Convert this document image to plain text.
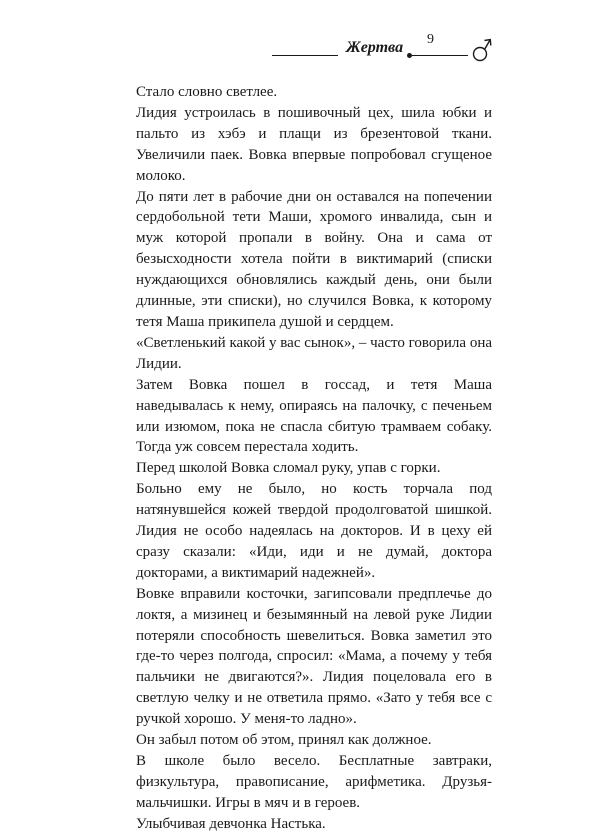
Жертва 9

Стало словно светлее.

Лидия устроилась в пошивочный цех, шила юбки и пальто из хэбэ и плащи из брезентовой ткани. Увеличили паек. Вовка впервые попробовал сгущеное молоко.

До пяти лет в рабочие дни он оставался на попечении сердобольной тети Маши, хромого инвалида, сын и муж которой пропали в войну. Она и сама от безысходности хотела пойти в виктимарий (списки нуждающихся обновлялись каждый день, они были длинные, эти списки), но случился Вовка, к которому тетя Маша прикипела душой и сердцем.

«Светленький какой у вас сынок», – часто говорила она Лидии.

Затем Вовка пошел в госсад, и тетя Маша наведывалась к нему, опираясь на палочку, с печеньем или изюмом, пока не спасла сбитую трамваем собаку. Тогда уж совсем перестала ходить.

Перед школой Вовка сломал руку, упав с горки.

Больно ему не было, но кость торчала под натянувшейся кожей твердой продолговатой шишкой. Лидия не особо надеялась на докторов. И в цеху ей сразу сказали: «Иди, иди и не думай, доктора докторами, а виктимарий надежней».

Вовке вправили косточки, загипсовали предплечье до локтя, а мизинец и безымянный на левой руке Лидии потеряли способность шевелиться. Вовка заметил это где-то через полгода, спросил: «Мама, а почему у тебя пальчики не двигаются?». Лидия поцеловала его в светлую челку и не ответила прямо. «Зато у тебя все с ручкой хорошо. У меня-то ладно».

Он забыл потом об этом, принял как должное.

В школе было весело. Бесплатные завтраки, физкультура, правописание, арифметика. Друзья-мальчишки. Игры в мяч и в героев.

Улыбчивая девчонка Настька.
